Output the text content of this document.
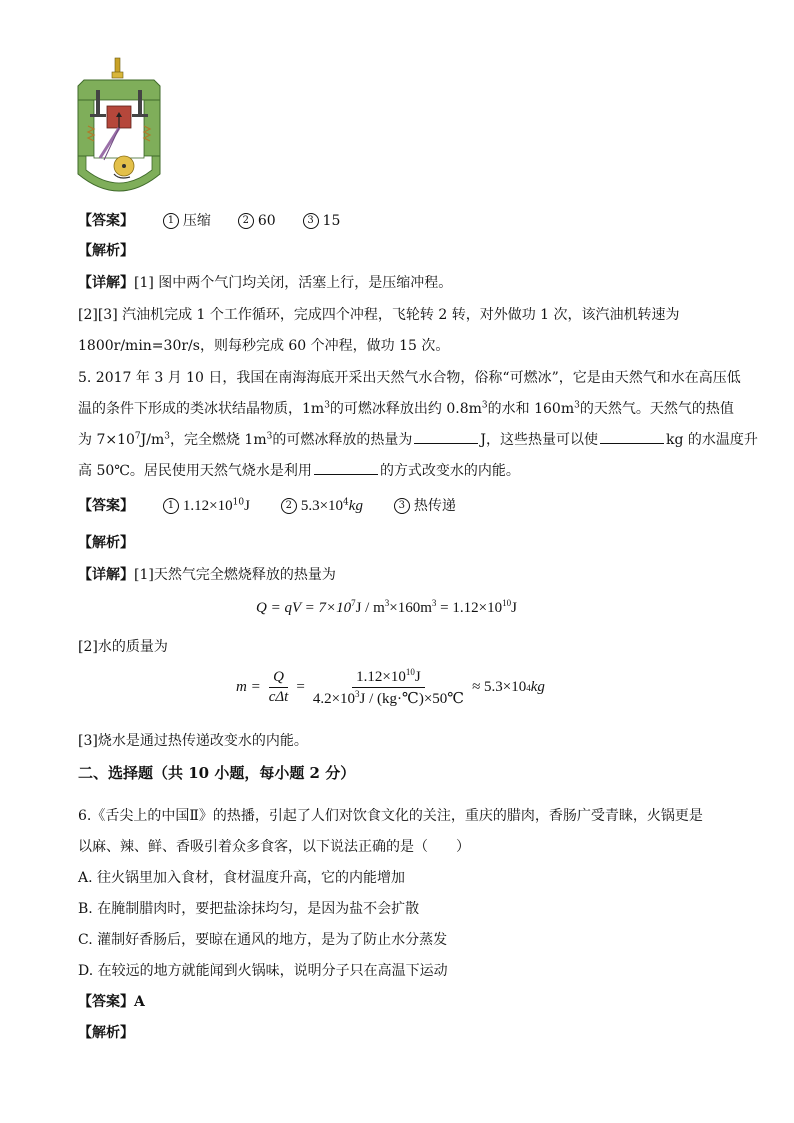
【答案】	1 压缩	2 60	3 15
【解析】
【详解】[1] 图中两个气门均关闭，活塞上行，是压缩冲程。
[2][3] 汽油机完成 1 个工作循环，完成四个冲程，飞轮转 2 转，对外做功 1 次，该汽油机转速为
1800r/min=30r/s，则每秒完成 60 个冲程，做功 15 次。
5. 2017 年 3 月 10 日，我国在南海海底开采出天然气水合物，俗称“可燃冰”，它是由天然气和水在高压低
温的条件下形成的类冰状结晶物质，$1m^3$的可燃冰释放出约 $0.8m^3$的水和 $160m^3$的天然气。天然气的热值
为 $7\times 10^7J/m^3$，完全燃烧 $1m^3$的可燃冰释放的热量为	J，这些热量可以使	kg 的水温度升
高 50℃。居民使用天然气烧水是利用	的方式改变水的内能。
【答案】	1 $1.12\times 10^{10}J$	2 $5.3\times 10^4kg$	3 热传递
【解析】
【详解】[1]天然气完全燃烧释放的热量为
Q = qV = $7\times 10^7J / m^3\times 160m^3 = 1.12\times 10^{10}J$
[2]水的质量为
$m = \frac{Q}{\text{cΔt}} = \frac{1.12\times 10^{10}J}{4.2\times 10^3J / (kg\cdot℃)\times 50℃} \approx 5.3\times 10$ 4 kg
[3]烧水是通过热传递改变水的内能。
二、选择题（共 10 小题，每小题 2 分）
6.《舌尖上的中国Ⅱ》的热播，引起了人们对饮食文化的关注，重庆的腊肉，香肠广受青睐，火锅更是
以麻、辣、鲜、香吸引着众多食客，以下说法正确的是（　　）
A. 往火锅里加入食材，食材温度升高，它的内能增加
B. 在腌制腊肉时，要把盐涂抹均匀，是因为盐不会扩散
C. 灌制好香肠后，要晾在通风的地方，是为了防止水分蒸发
D. 在较远的地方就能闻到火锅味，说明分子只在高温下运动
【答案】A
【解析】
